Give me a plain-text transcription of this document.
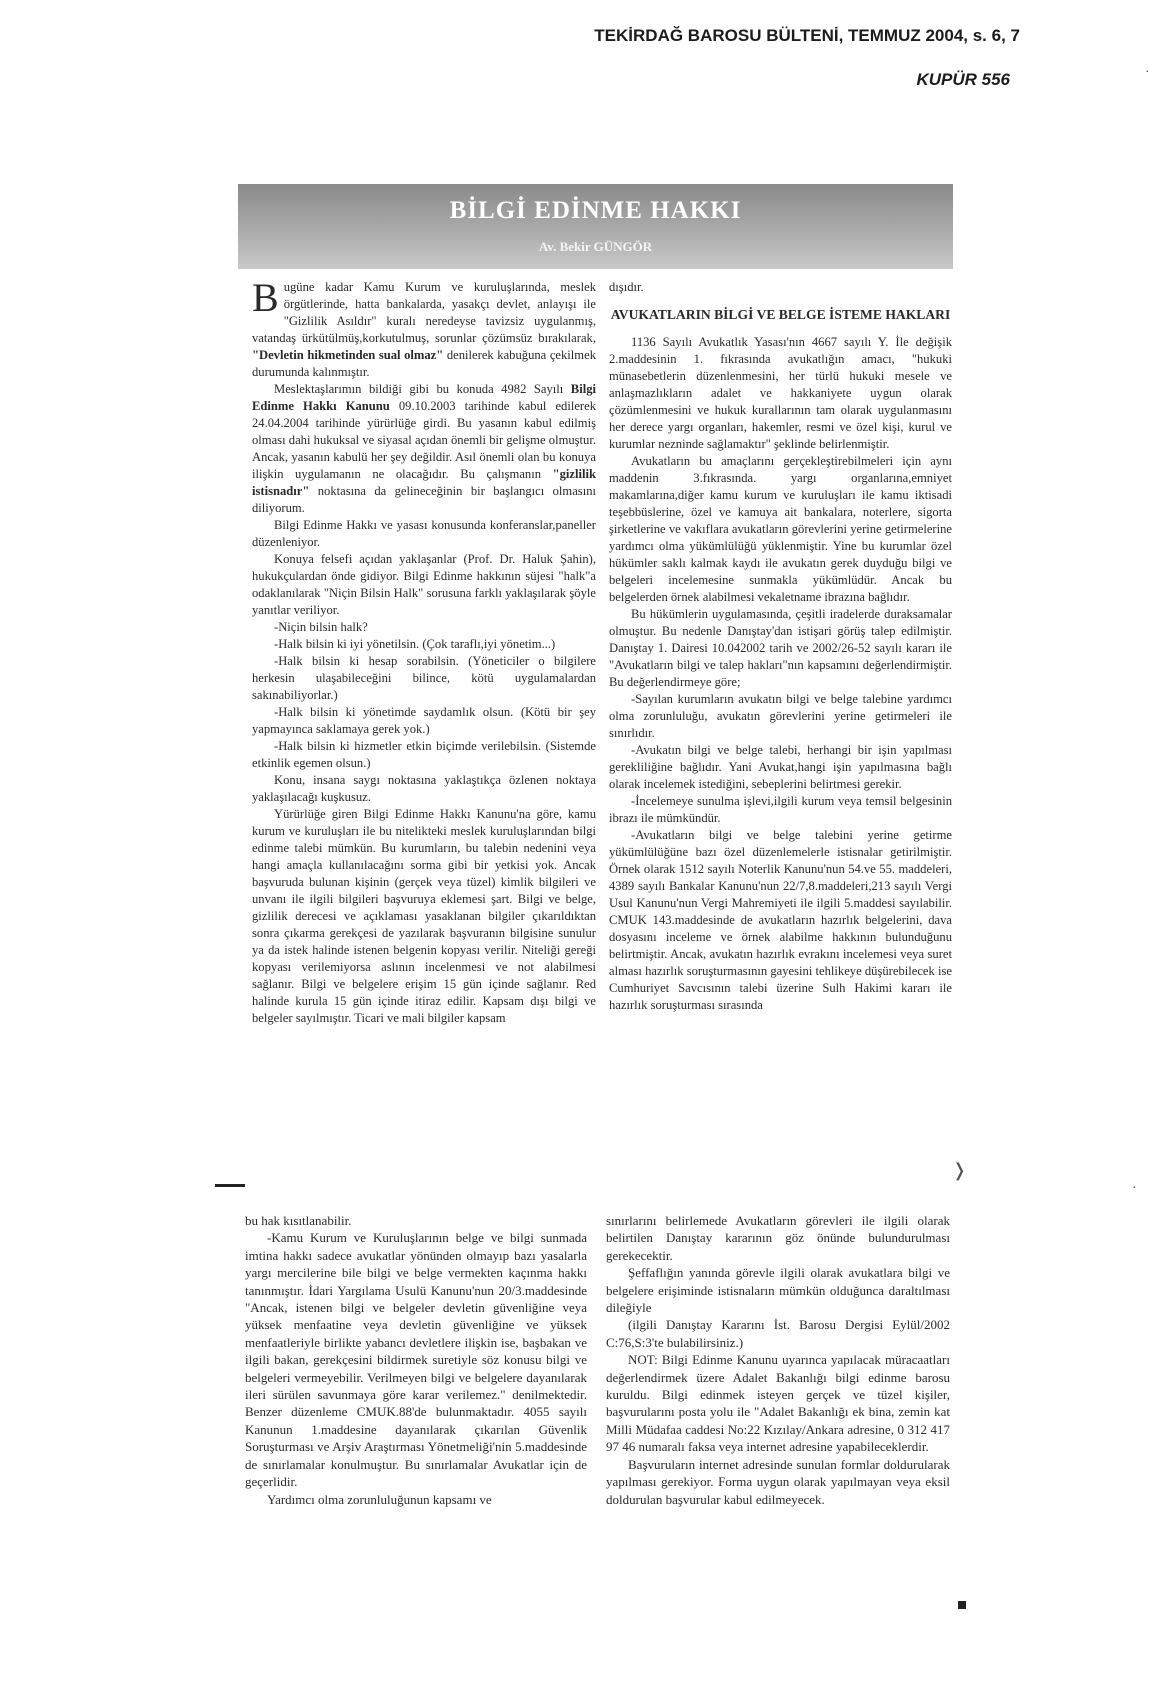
TEKİRDAĞ BAROSU BÜLTENİ, TEMMUZ 2004, s. 6, 7
KUPÜR 556	·
·
BİLGİ EDİNME HAKKI
Av. Bekir GÜNGÖR

Bugüne kadar Kamu Kurum ve kuruluşlarında, meslek örgütlerinde, hatta bankalarda, yasakçı devlet, anlayışı ile "Gizlilik Asıldır" kuralı neredeyse tavizsiz uygulanmış, vatandaş ürkütülmüş,korkutulmuş, sorunlar çözümsüz bırakılarak, "Devletin hikmetinden sual olmaz" denilerek kabuğuna çekilmek durumunda kalınmıştır.

Meslektaşlarımın bildiği gibi bu konuda 4982 Sayılı Bilgi Edinme Hakkı Kanunu 09.10.2003 tarihinde kabul edilerek 24.04.2004 tarihinde yürürlüğe girdi. Bu yasanın kabul edilmiş olması dahi hukuksal ve siyasal açıdan önemli bir gelişme olmuştur. Ancak, yasanın kabulü her şey değildir. Asıl önemli olan bu konuya ilişkin uygulamanın ne olacağıdır. Bu çalışmanın "gizlilik istisnadır" noktasına da gelineceğinin bir başlangıcı olmasını diliyorum.

Bilgi Edinme Hakkı ve yasası konusunda konferanslar,paneller düzenleniyor.

Konuya felsefi açıdan yaklaşanlar (Prof. Dr. Haluk Şahin), hukukçulardan önde gidiyor. Bilgi Edinme hakkının süjesi "halk"a odaklanılarak "Niçin Bilsin Halk" sorusuna farklı yaklaşılarak şöyle yanıtlar veriliyor.

-Niçin bilsin halk?

-Halk bilsin ki iyi yönetilsin. (Çok taraflı,iyi yönetim...)

-Halk bilsin ki hesap sorabilsin. (Yöneticiler o bilgilere herkesin ulaşabileceğini bilince, kötü uygulamalardan sakınabiliyorlar.)

-Halk bilsin ki yönetimde saydamlık olsun. (Kötü bir şey yapmayınca saklamaya gerek yok.)

-Halk bilsin ki hizmetler etkin biçimde verilebilsin. (Sistemde etkinlik egemen olsun.)

Konu, insana saygı noktasına yaklaştıkça özlenen noktaya yaklaşılacağı kuşkusuz.

Yürürlüğe giren Bilgi Edinme Hakkı Kanunu'na göre, kamu kurum ve kuruluşları ile bu nitelikteki meslek kuruluşlarından bilgi edinme talebi mümkün. Bu kurumların, bu talebin nedenini veya hangi amaçla kullanılacağını sorma gibi bir yetkisi yok. Ancak başvuruda bulunan kişinin (gerçek veya tüzel) kimlik bilgileri ve unvanı ile ilgili bilgileri başvuruya eklemesi şart. Bilgi ve belge, gizlilik derecesi ve açıklaması yasaklanan bilgiler çıkarıldıktan sonra çıkarma gerekçesi de yazılarak başvuranın bilgisine sunulur ya da istek halinde istenen belgenin kopyası verilir. Niteliği gereği kopyası verilemiyorsa aslının incelenmesi ve not alabilmesi sağlanır. Bilgi ve belgelere erişim 15 gün içinde sağlanır. Red halinde kurula 15 gün içinde itiraz edilir. Kapsam dışı bilgi ve belgeler sayılmıştır. Ticari ve mali bilgiler kapsam

dışıdır.

AVUKATLARIN BİLGİ VE BELGE İSTEME HAKLARI

1136 Sayılı Avukatlık Yasası'nın 4667 sayılı Y. İle değişik 2.maddesinin 1. fıkrasında avukatlığın amacı, "hukuki münasebetlerin düzenlenmesini, her türlü hukuki mesele ve anlaşmazlıkların adalet ve hakkaniyete uygun olarak çözümlenmesini ve hukuk kurallarının tam olarak uygulanmasını her derece yargı organları, hakemler, resmi ve özel kişi, kurul ve kurumlar nezninde sağlamaktır" şeklinde belirlenmiştir.

Avukatların bu amaçlarını gerçekleştirebilmeleri için aynı maddenin 3.fıkrasında. yargı organlarına,emniyet makamlarına,diğer kamu kurum ve kuruluşları ile kamu iktisadi teşebbüslerine, özel ve kamuya ait bankalara, noterlere, sigorta şirketlerine ve vakıflara avukatların görevlerini yerine getirmelerine yardımcı olma yükümlülüğü yüklenmiştir. Yine bu kurumlar özel hükümler saklı kalmak kaydı ile avukatın gerek duyduğu bilgi ve belgeleri incelemesine sunmakla yükümlüdür. Ancak bu belgelerden örnek alabilmesi vekaletname ibrazına bağlıdır.

Bu hükümlerin uygulamasında, çeşitli iradelerde duraksamalar olmuştur. Bu nedenle Danıştay'dan istişari görüş talep edilmiştir. Danıştay 1. Dairesi 10.042002 tarih ve 2002/26-52 sayılı kararı ile "Avukatların bilgi ve talep hakları"nın kapsamını değerlendirmiştir. Bu değerlendirmeye göre;

-Sayılan kurumların avukatın bilgi ve belge talebine yardımcı olma zorunluluğu, avukatın görevlerini yerine getirmeleri ile sınırlıdır.

-Avukatın bilgi ve belge talebi, herhangi bir işin yapılması gerekliliğine bağlıdır. Yani Avukat,hangi işin yapılmasına bağlı olarak incelemek istediğini, sebeplerini belirtmesi gerekir.

-İncelemeye sunulma işlevi,ilgili kurum veya temsil belgesinin ibrazı ile mümkündür.

-Avukatların bilgi ve belge talebini yerine getirme yükümlülüğüne bazı özel düzenlemelerle istisnalar getirilmiştir. Örnek olarak 1512 sayılı Noterlik Kanunu'nun 54.ve 55. maddeleri, 4389 sayılı Bankalar Kanunu'nun 22/7,8.maddeleri,213 sayılı Vergi Usul Kanunu'nun Vergi Mahremiyeti ile ilgili 5.maddesi sayılabilir. CMUK 143.maddesinde de avukatların hazırlık belgelerini, dava dosyasını inceleme ve örnek alabilme hakkının bulunduğunu belirtmiştir. Ancak, avukatın hazırlık evrakını incelemesi veya suret alması hazırlık soruşturmasının gayesini tehlikeye düşürebilecek ise Cumhuriyet Savcısının talebi üzerine Sulh Hakimi kararı ile hazırlık soruşturması sırasında

❭

bu hak kısıtlanabilir.

-Kamu Kurum ve Kuruluşlarının belge ve bilgi sunmada imtina hakkı sadece avukatlar yönünden olmayıp bazı yasalarla yargı mercilerine bile bilgi ve belge vermekten kaçınma hakkı tanınmıştır. İdari Yargılama Usulü Kanunu'nun 20/3.maddesinde "Ancak, istenen bilgi ve belgeler devletin güvenliğine veya yüksek menfaatine veya devletin güvenliğine ve yüksek menfaatleriyle birlikte yabancı devletlere ilişkin ise, başbakan ve ilgili bakan, gerekçesini bildirmek suretiyle söz konusu bilgi ve belgeleri vermeyebilir. Verilmeyen bilgi ve belgelere dayanılarak ileri sürülen savunmaya göre karar verilemez." denilmektedir. Benzer düzenleme CMUK.88'de bulunmaktadır. 4055 sayılı Kanunun 1.maddesine dayanılarak çıkarılan Güvenlik Soruşturması ve Arşiv Araştırması Yönetmeliği'nin 5.maddesinde de sınırlamalar konulmuştur. Bu sınırlamalar Avukatlar için de geçerlidir.

Yardımcı olma zorunluluğunun kapsamı ve

sınırlarını belirlemede Avukatların görevleri ile ilgili olarak belirtilen Danıştay kararının göz önünde bulundurulması gerekecektir.

Şeffaflığın yanında görevle ilgili olarak avukatlara bilgi ve belgelere erişiminde istisnaların mümkün olduğunca daraltılması dileğiyle

(ilgili Danıştay Kararını İst. Barosu Dergisi Eylül/2002 C:76,S:3'te bulabilirsiniz.)

NOT: Bilgi Edinme Kanunu uyarınca yapılacak müracaatları değerlendirmek üzere Adalet Bakanlığı bilgi edinme barosu kuruldu. Bilgi edinmek isteyen gerçek ve tüzel kişiler, başvurularını posta yolu ile "Adalet Bakanlığı ek bina, zemin kat Milli Müdafaa caddesi No:22 Kızılay/Ankara adresine, 0 312 417 97 46 numaralı faksa veya internet adresine yapabileceklerdir.

Başvuruların internet adresinde sunulan formlar doldurularak yapılması gerekiyor. Forma uygun olarak yapılmayan veya eksil doldurulan başvurular kabul edilmeyecek.
